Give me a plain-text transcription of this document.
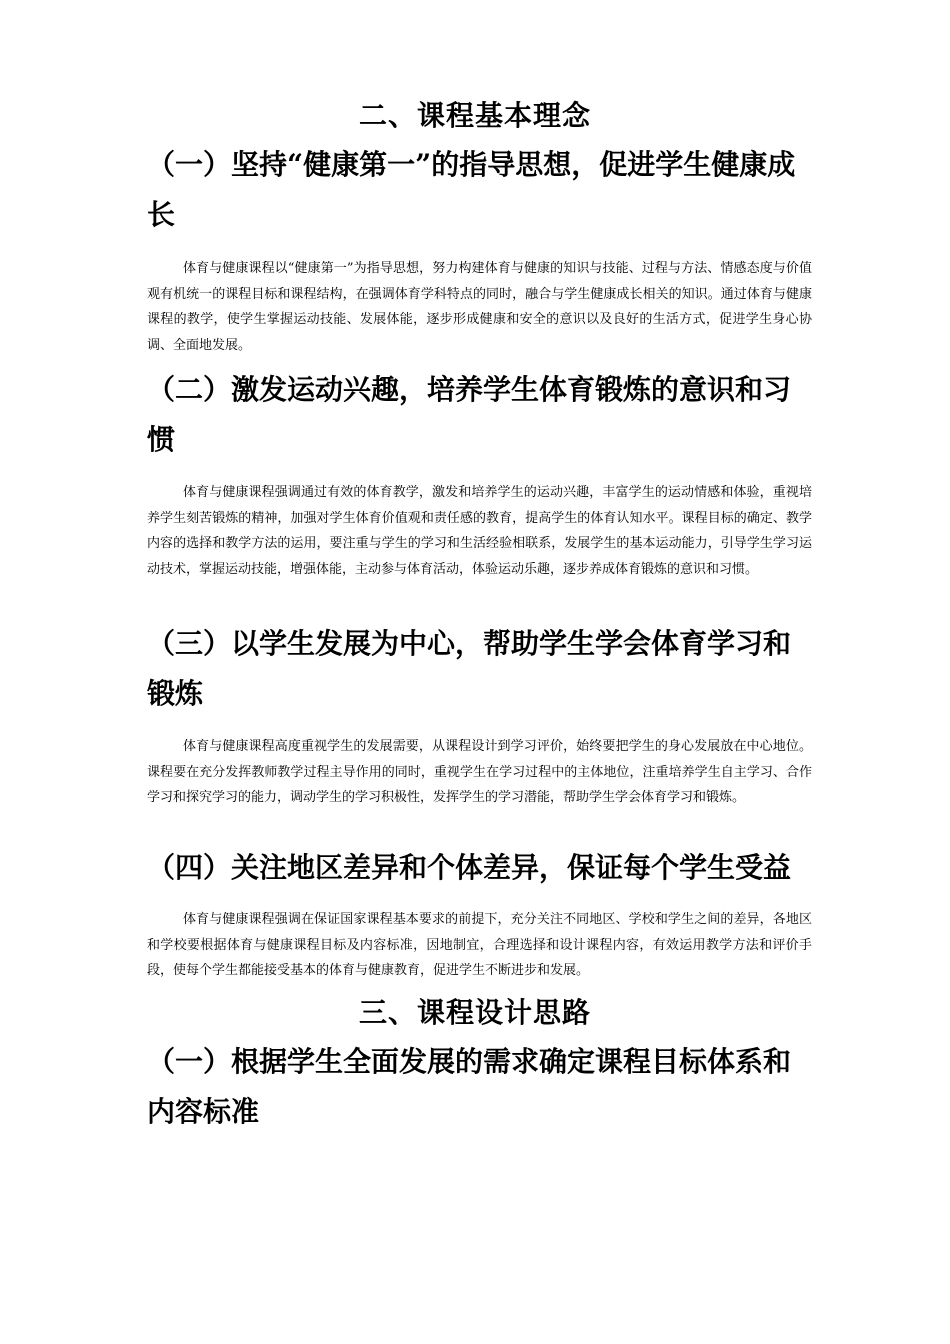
二、课程基本理念
（一）坚持“健康第一”的指导思想，促进学生健康成长

体育与健康课程以“健康第一”为指导思想，努力构建体育与健康的知识与技能、过程与方法、情感态度与价值观有机统一的课程目标和课程结构，在强调体育学科特点的同时，融合与学生健康成长相关的知识。通过体育与健康课程的教学，使学生掌握运动技能、发展体能，逐步形成健康和安全的意识以及良好的生活方式，促进学生身心协调、全面地发展。

（二）激发运动兴趣，培养学生体育锻炼的意识和习惯

体育与健康课程强调通过有效的体育教学，激发和培养学生的运动兴趣，丰富学生的运动情感和体验，重视培养学生刻苦锻炼的精神，加强对学生体育价值观和责任感的教育，提高学生的体育认知水平。课程目标的确定、教学内容的选择和教学方法的运用，要注重与学生的学习和生活经验相联系，发展学生的基本运动能力，引导学生学习运动技术，掌握运动技能，增强体能，主动参与体育活动，体验运动乐趣，逐步养成体育锻炼的意识和习惯。

（三）以学生发展为中心，帮助学生学会体育学习和锻炼

体育与健康课程高度重视学生的发展需要，从课程设计到学习评价，始终要把学生的身心发展放在中心地位。课程要在充分发挥教师教学过程主导作用的同时，重视学生在学习过程中的主体地位，注重培养学生自主学习、合作学习和探究学习的能力，调动学生的学习积极性，发挥学生的学习潜能，帮助学生学会体育学习和锻炼。

（四）关注地区差异和个体差异，保证每个学生受益

体育与健康课程强调在保证国家课程基本要求的前提下，充分关注不同地区、学校和学生之间的差异，各地区和学校要根据体育与健康课程目标及内容标准，因地制宜，合理选择和设计课程内容，有效运用教学方法和评价手段，使每个学生都能接受基本的体育与健康教育，促进学生不断进步和发展。

三、课程设计思路
（一）根据学生全面发展的需求确定课程目标体系和内容标准
